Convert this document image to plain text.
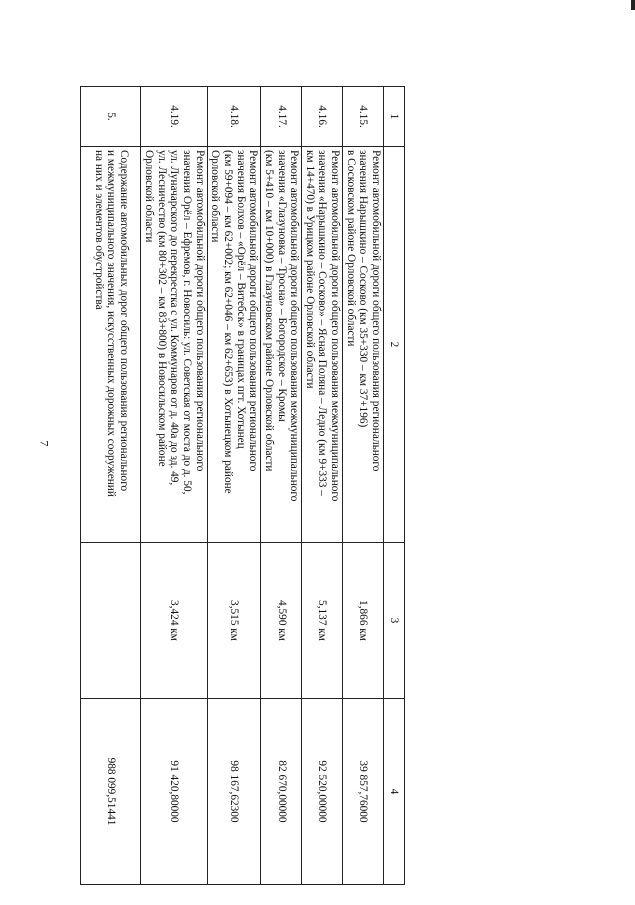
7
1	2	3	4
4.15.	Ремонт автомобильной дороги общего пользования регионального
значения Нарышкино – Сосково (км 35+330 – км 37+196)
в Сосковском районе Орловской области	1,866 км	39 857,76000
4.16.	Ремонт автомобильной дороги общего пользования межмуниципального
значения «Нарышкино – Сосково» – Ясная Поляна – Ледно (км 9+333 –
км 14+470) в Урицком районе Орловской области	5,137 км	92 520,00000
4.17.	Ремонт автомобильной дороги общего пользования межмуниципального
значения «Глазуновка – Тросна» – Богородское – Кромы
(км 5+410 – км 10+000) в Глазуновском районе Орловской области	4,590 км	82 670,00000
4.18.	Ремонт автомобильной дороги общего пользования регионального
значения Болхов – «Орёл – Витебск» в границах пгт. Хотынец
(км 59+094 – км 62+002; км 62+046 – км 62+653) в Хотынецком районе
Орловской области	3,515 км	98 167,62300
4.19.	Ремонт автомобильной дороги общего пользования регионального
значения Орёл – Ефремов, г. Новосиль: ул. Советская от моста до д. 50,
ул. Луначарского до перекрестка с ул. Коммунаров от д. 40а до зд. 49,
ул. Лесничество (км 80+302 – км 83+800) в Новосильском районе
Орловской области	3,424 км	91 420,80000
5.	Содержание автомобильных дорог общего пользования регионального
и межмуниципального значения, искусственных дорожных сооружений
на них и элементов обустройства		988 099,51441
